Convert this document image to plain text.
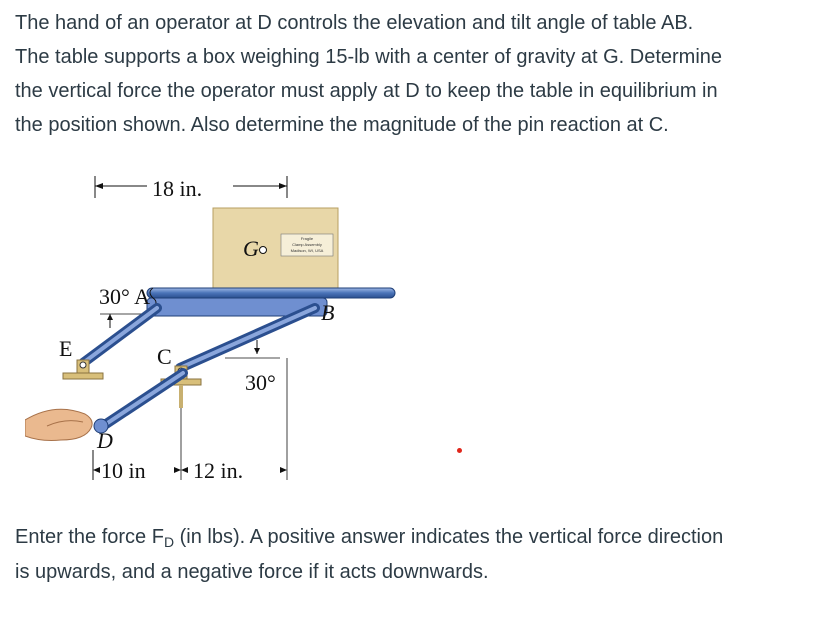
The hand of an operator at D controls the elevation and tilt angle of table AB.
The table supports a box weighing 15-lb with a center of gravity at G. Determine
the vertical force the operator must apply at D to keep the table in equilibrium in
the position shown. Also determine the magnitude of the pin reaction at C.
18 in.
G	Fragile
Clamp Assembly
Madison, WI, USA
30° A
B
E	C
30°
D
10 in 12 in.
Enter the force $F_D$ (in lbs). A positive answer indicates the vertical force direction
is upwards, and a negative force if it acts downwards.
